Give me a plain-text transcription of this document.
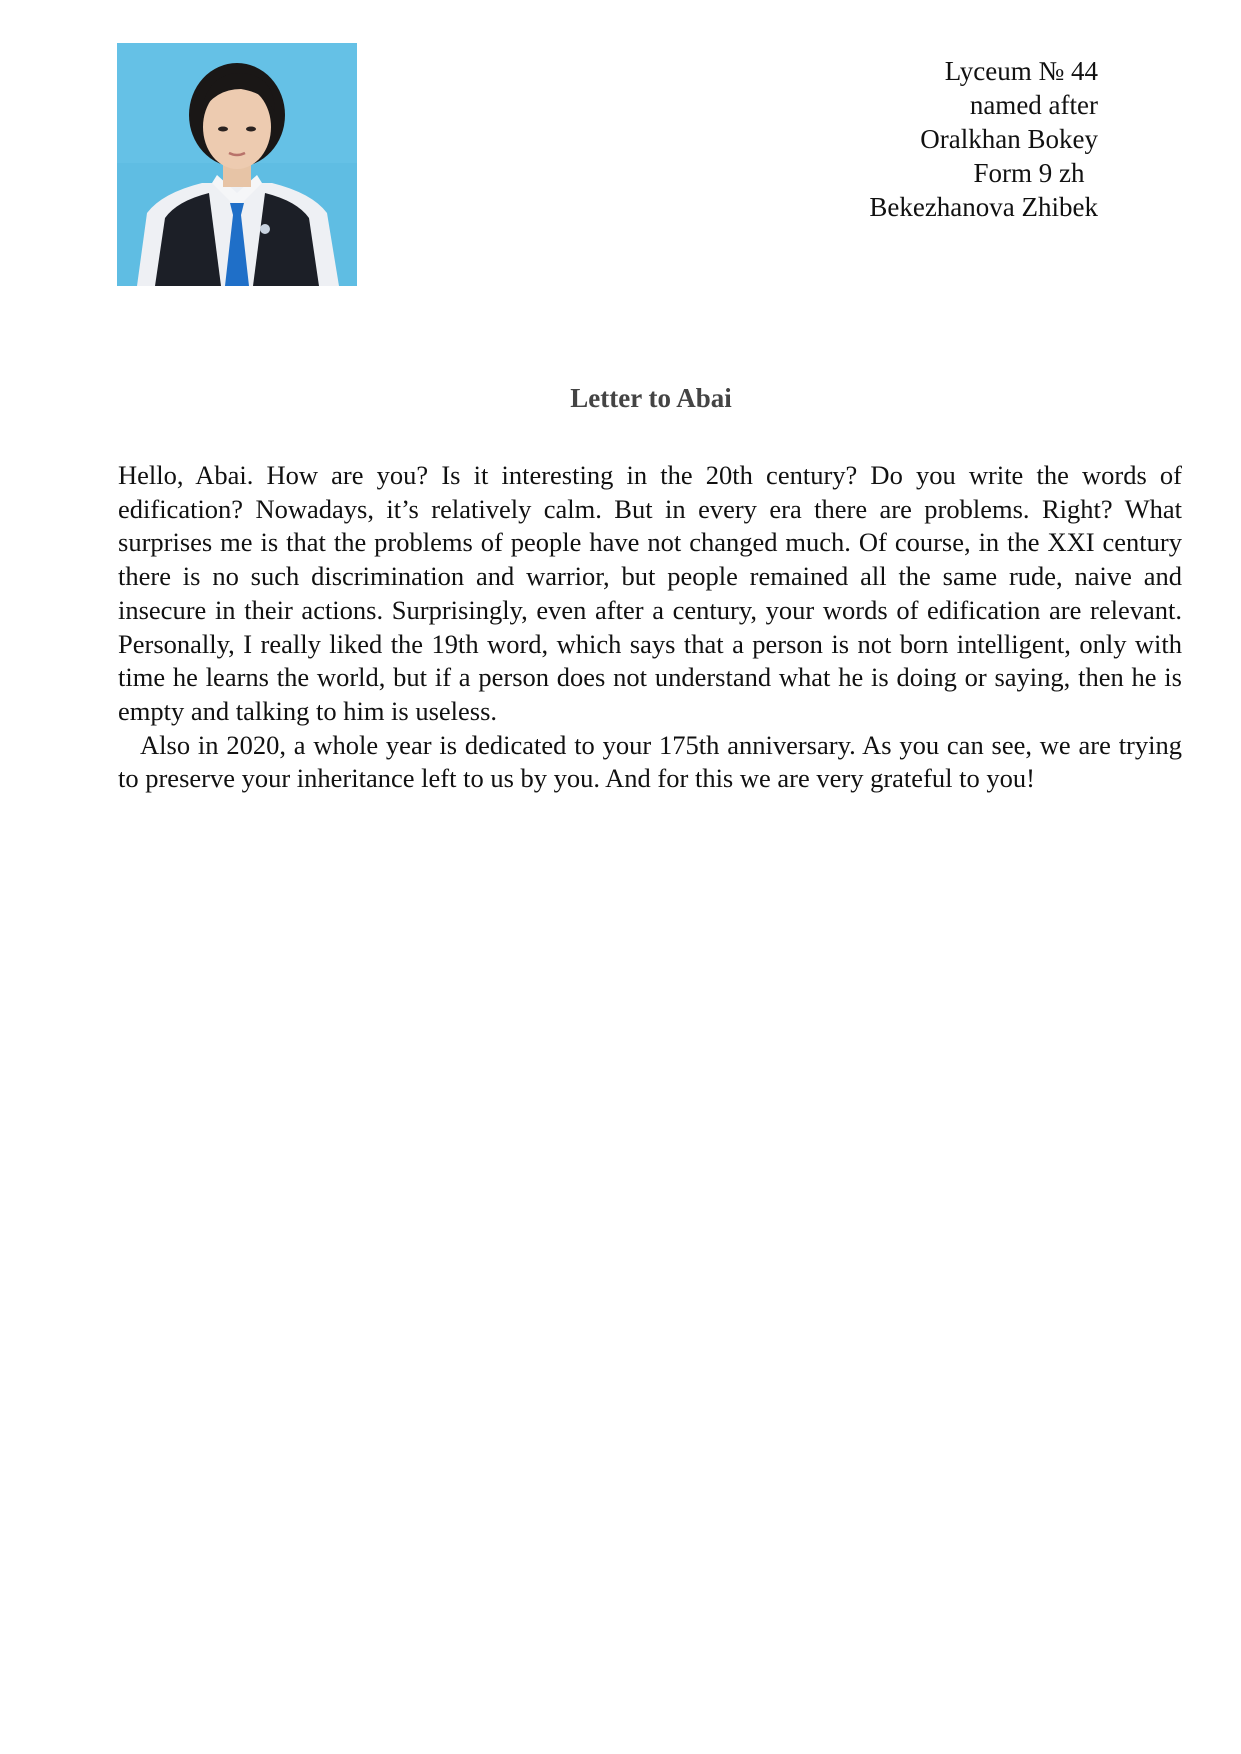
Lyceum № 44
named after
Oralkhan Bokey
Form 9 zh
Bekezhanova Zhibek
Letter to Abai

Hello, Abai. How are you? Is it interesting in the 20th century? Do you write the words of edification? Nowadays, it’s relatively calm. But in every era there are problems. Right? What surprises me is that the problems of people have not changed much. Of course, in the XXI century there is no such discrimination and warrior, but people remained all the same rude, naive and insecure in their actions. Surprisingly, even after a century, your words of edification are relevant. Personally, I really liked the 19th word, which says that a person is not born intelligent, only with time he learns the world, but if a person does not understand what he is doing or saying, then he is empty and talking to him is useless.

Also in 2020, a whole year is dedicated to your 175th anniversary. As you can see, we are trying to preserve your inheritance left to us by you. And for this we are very grateful to you!
